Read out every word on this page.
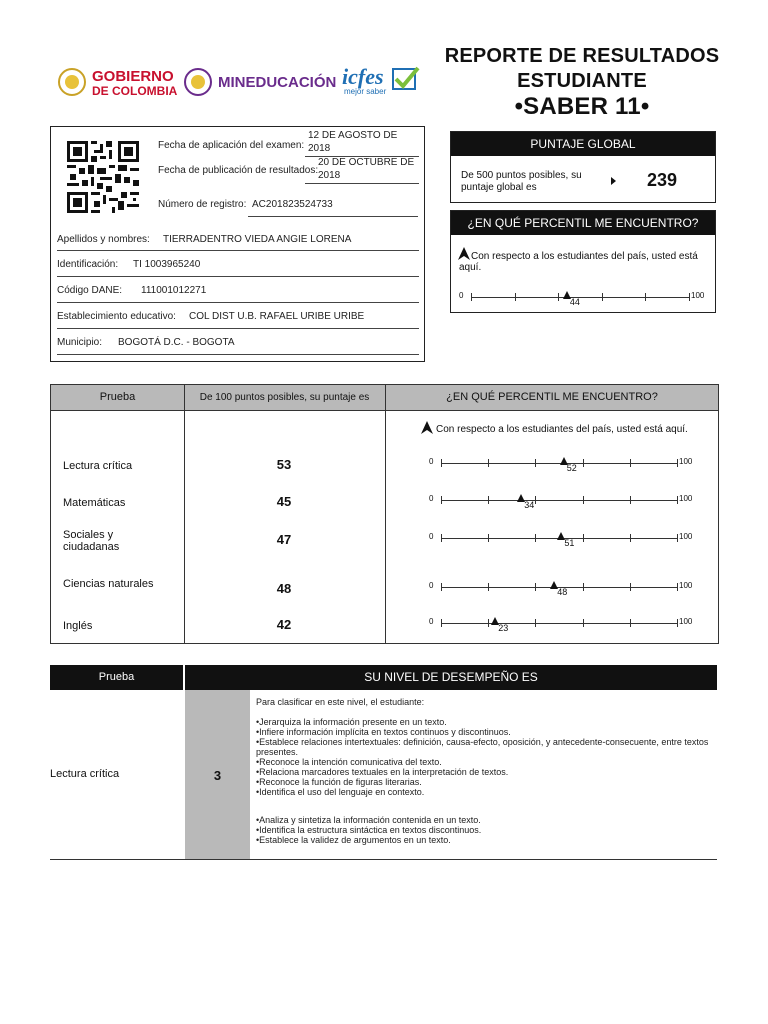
GOBIERNO
DE COLOMBIA	MINEDUCACIÓN icfes
mejor saber
REPORTE DE RESULTADOS
ESTUDIANTE
•SABER 11•
Fecha de aplicación del examen:
12 DE AGOSTO DE 2018
Fecha de publicación de resultados:
20 DE OCTUBRE DE 2018
Número de registro: AC201823524733
Apellidos y nombres: TIERRADENTRO VIEDA ANGIE LORENA
Identificación: TI 1003965240
Código DANE: 111001012271
Establecimiento educativo: COL DIST U.B. RAFAEL URIBE URIBE
Municipio: BOGOTÁ D.C. - BOGOTA
PUNTAJE GLOBAL
De 500 puntos posibles, su puntaje global es	239
¿EN QUÉ PERCENTIL ME ENCUENTRO?
Con respecto a los estudiantes del país, usted está aquí.
0	100
44
Prueba	De 100 puntos posibles, su puntaje es	¿EN QUÉ PERCENTIL ME ENCUENTRO?
Con respecto a los estudiantes del país, usted está aquí.
Lectura crítica	53	0	100
52
Matemáticas	45	0	100
34
Sociales y ciudadanas	47	0	100
51
Ciencias naturales	48	0	100
48
Inglés	42	0	100
23
Prueba	SU NIVEL DE DESEMPEÑO ES
Lectura crítica	3

Para clasificar en este nivel, el estudiante:

•Jerarquiza la información presente en un texto.

•Infiere información implícita en textos continuos y discontinuos.

•Establece relaciones intertextuales: definición, causa-efecto, oposición, y antecedente-consecuente, entre textos presentes.

•Reconoce la intención comunicativa del texto.

•Relaciona marcadores textuales en la interpretación de textos.

•Reconoce la función de figuras literarias.

•Identifica el uso del lenguaje en contexto.

•Analiza y sintetiza la información contenida en un texto.

•Identifica la estructura sintáctica en textos discontinuos.

•Establece la validez de argumentos en un texto.
